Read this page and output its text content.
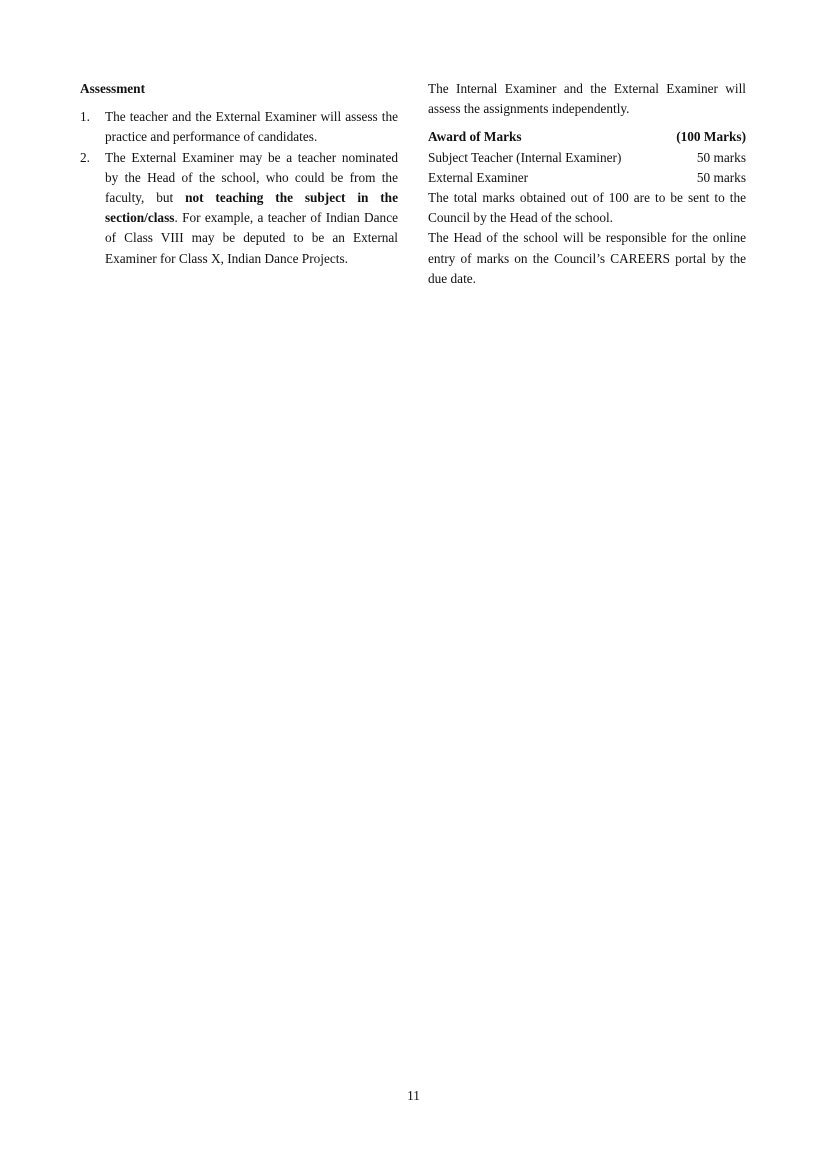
Assessment
1. The teacher and the External Examiner will assess the practice and performance of candidates.
2. The External Examiner may be a teacher nominated by the Head of the school, who could be from the faculty, but not teaching the subject in the section/class. For example, a teacher of Indian Dance of Class VIII may be deputed to be an External Examiner for Class X, Indian Dance Projects.

The Internal Examiner and the External Examiner will assess the assignments independently.

Award of Marks	(100 Marks)
Subject Teacher (Internal Examiner)	50 marks
External Examiner	50 marks

The total marks obtained out of 100 are to be sent to the Council by the Head of the school.

The Head of the school will be responsible for the online entry of marks on the Council’s CAREERS portal by the due date.

11
